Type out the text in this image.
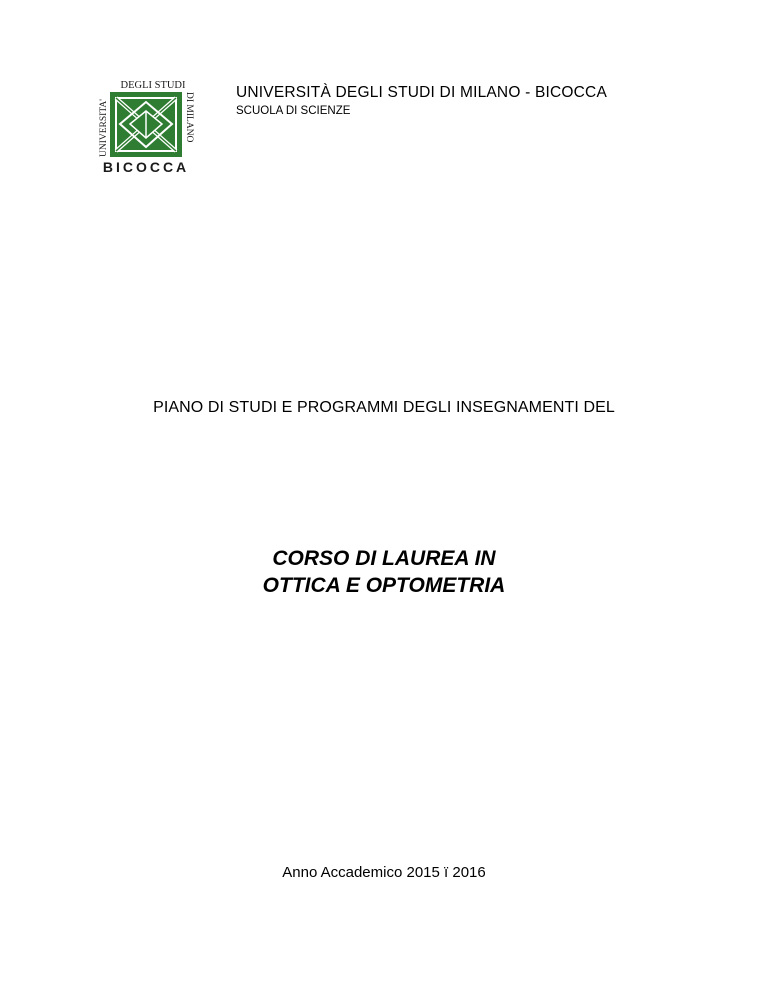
DEGLI STUDI
UNIVERSITA'	DI MILANO
BICOCCA
UNIVERSITÀ DEGLI STUDI DI MILANO - BICOCCA
SCUOLA DI SCIENZE
PIANO DI STUDI E PROGRAMMI DEGLI INSEGNAMENTI DEL
CORSO DI LAUREA IN
OTTICA E OPTOMETRIA
Anno Accademico 2015 ï 2016
